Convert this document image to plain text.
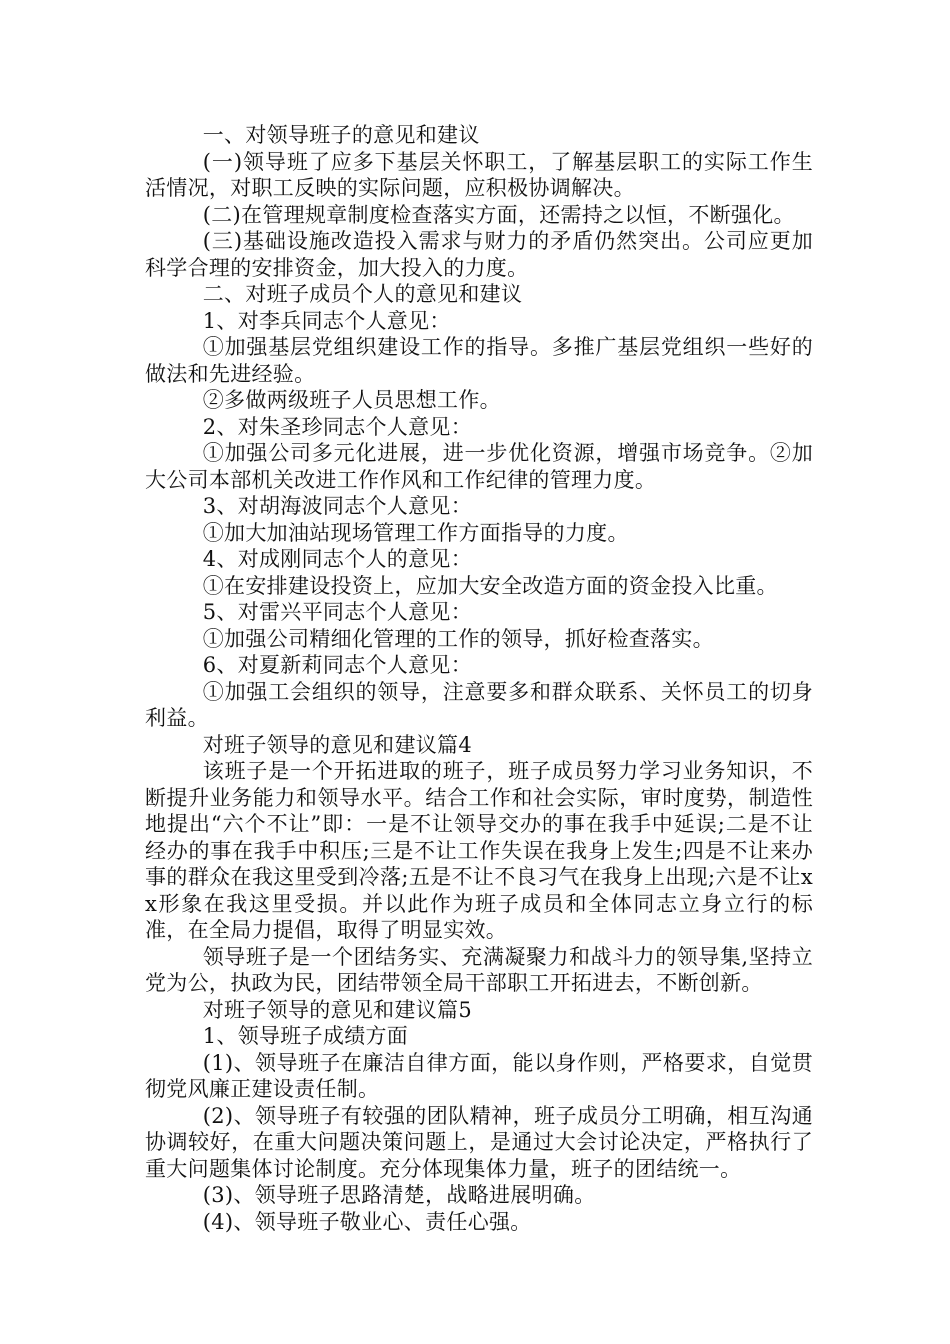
一、对领导班子的意见和建议

(一)领导班了应多下基层关怀职工，了解基层职工的实际工作生活情况，对职工反映的实际问题，应积极协调解决。

(二)在管理规章制度检查落实方面，还需持之以恒，不断强化。

(三)基础设施改造投入需求与财力的矛盾仍然突出。公司应更加科学合理的安排资金，加大投入的力度。

二、对班子成员个人的意见和建议

1、对李兵同志个人意见：

①加强基层党组织建设工作的指导。多推广基层党组织一些好的做法和先进经验。

②多做两级班子人员思想工作。

2、对朱圣珍同志个人意见：

①加强公司多元化进展，进一步优化资源，增强市场竞争。②加大公司本部机关改进工作作风和工作纪律的管理力度。

3、对胡海波同志个人意见：

①加大加油站现场管理工作方面指导的力度。

4、对成刚同志个人的意见：

①在安排建设投资上，应加大安全改造方面的资金投入比重。

5、对雷兴平同志个人意见：

①加强公司精细化管理的工作的领导，抓好检查落实。

6、对夏新莉同志个人意见：

①加强工会组织的领导，注意要多和群众联系、关怀员工的切身利益。

对班子领导的意见和建议篇4

该班子是一个开拓进取的班子，班子成员努力学习业务知识，不断提升业务能力和领导水平。结合工作和社会实际，审时度势，制造性地提出“六个不让”即：一是不让领导交办的事在我手中延误;二是不让经办的事在我手中积压;三是不让工作失误在我身上发生;四是不让来办事的群众在我这里受到冷落;五是不让不良习气在我身上出现;六是不让xx形象在我这里受损。并以此作为班子成员和全体同志立身立行的标准，在全局力提倡，取得了明显实效。

领导班子是一个团结务实、充满凝聚力和战斗力的领导集,坚持立党为公，执政为民，团结带领全局干部职工开拓进去，不断创新。

对班子领导的意见和建议篇5

1、领导班子成绩方面

(1)、领导班子在廉洁自律方面，能以身作则，严格要求，自觉贯彻党风廉正建设责任制。

(2)、领导班子有较强的团队精神，班子成员分工明确，相互沟通协调较好，在重大问题决策问题上，是通过大会讨论决定，严格执行了重大问题集体讨论制度。充分体现集体力量，班子的团结统一。

(3)、领导班子思路清楚，战略进展明确。

(4)、领导班子敬业心、责任心强。
